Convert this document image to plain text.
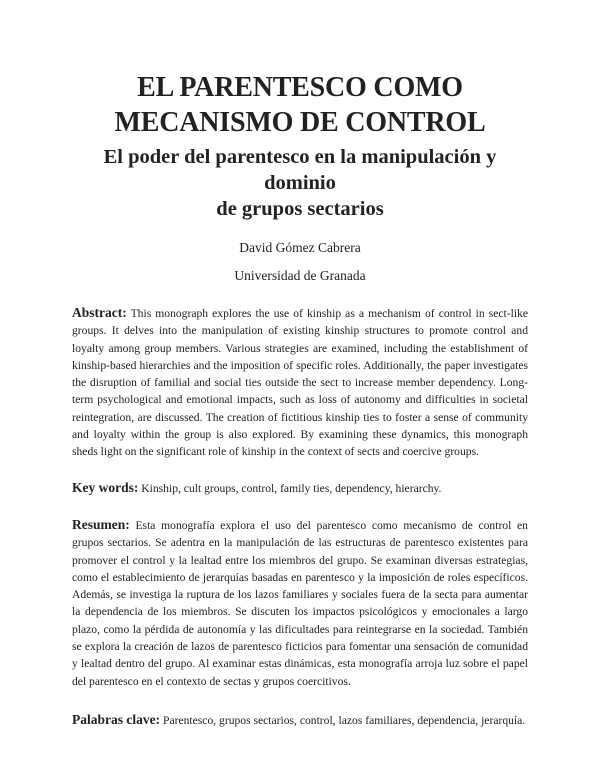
EL PARENTESCO COMO
MECANISMO DE CONTROL
El poder del parentesco en la manipulación y dominio
de grupos sectarios

David Gómez Cabrera

Universidad de Granada

Abstract: This monograph explores the use of kinship as a mechanism of control in sect-like groups. It delves into the manipulation of existing kinship structures to promote control and loyalty among group members. Various strategies are examined, including the establishment of kinship-based hierarchies and the imposition of specific roles. Additionally, the paper investigates the disruption of familial and social ties outside the sect to increase member dependency. Long-term psychological and emotional impacts, such as loss of autonomy and difficulties in societal reintegration, are discussed. The creation of fictitious kinship ties to foster a sense of community and loyalty within the group is also explored. By examining these dynamics, this monograph sheds light on the significant role of kinship in the context of sects and coercive groups.

Key words: Kinship, cult groups, control, family ties, dependency, hierarchy.

Resumen: Esta monografía explora el uso del parentesco como mecanismo de control en grupos sectarios. Se adentra en la manipulación de las estructuras de parentesco existentes para promover el control y la lealtad entre los miembros del grupo. Se examinan diversas estrategias, como el establecimiento de jerarquías basadas en parentesco y la imposición de roles específicos. Además, se investiga la ruptura de los lazos familiares y sociales fuera de la secta para aumentar la dependencia de los miembros. Se discuten los impactos psicológicos y emocionales a largo plazo, como la pérdida de autonomía y las dificultades para reintegrarse en la sociedad. También se explora la creación de lazos de parentesco ficticios para fomentar una sensación de comunidad y lealtad dentro del grupo. Al examinar estas dinámicas, esta monografía arroja luz sobre el papel del parentesco en el contexto de sectas y grupos coercitivos.

Palabras clave: Parentesco, grupos sectarios, control, lazos familiares, dependencia, jerarquía.
